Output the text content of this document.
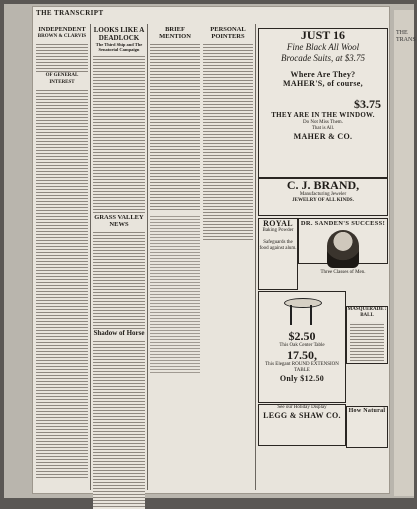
THE TRANSCRIPT
INDEPENDENT
BROWN & CLARVIS
OF GENERAL INTEREST
LOOKS LIKE A DEADLOCK
The Third Ship and The Senatorial Campaign
GRASS VALLEY NEWS
Shadow of Horse
BRIEF MENTION
PERSONAL POINTERS	JUST 16
Fine Black All Wool
Brocade Suits, at $3.75
Where Are They?
MAHER'S, of course,
$3.75
THEY ARE IN THE WINDOW.
Do Not Miss Them.
That is All.
MAHER & CO.
C. J. BRAND,
Manufacturing Jeweler
JEWELRY OF ALL KINDS.
ROYAL
Baking Powder
Safeguards the food against alum.
DR. SANDEN'S SUCCESS!
Three Classes of Men.
$2.50
This Oak Center Table
17.50,
This Elegant ROUND EXTENSION TABLE
Only $12.50
MASQUERADE : BALL
See our Holiday Display
LEGG & SHAW CO.	How Natural
THE
TRANS
